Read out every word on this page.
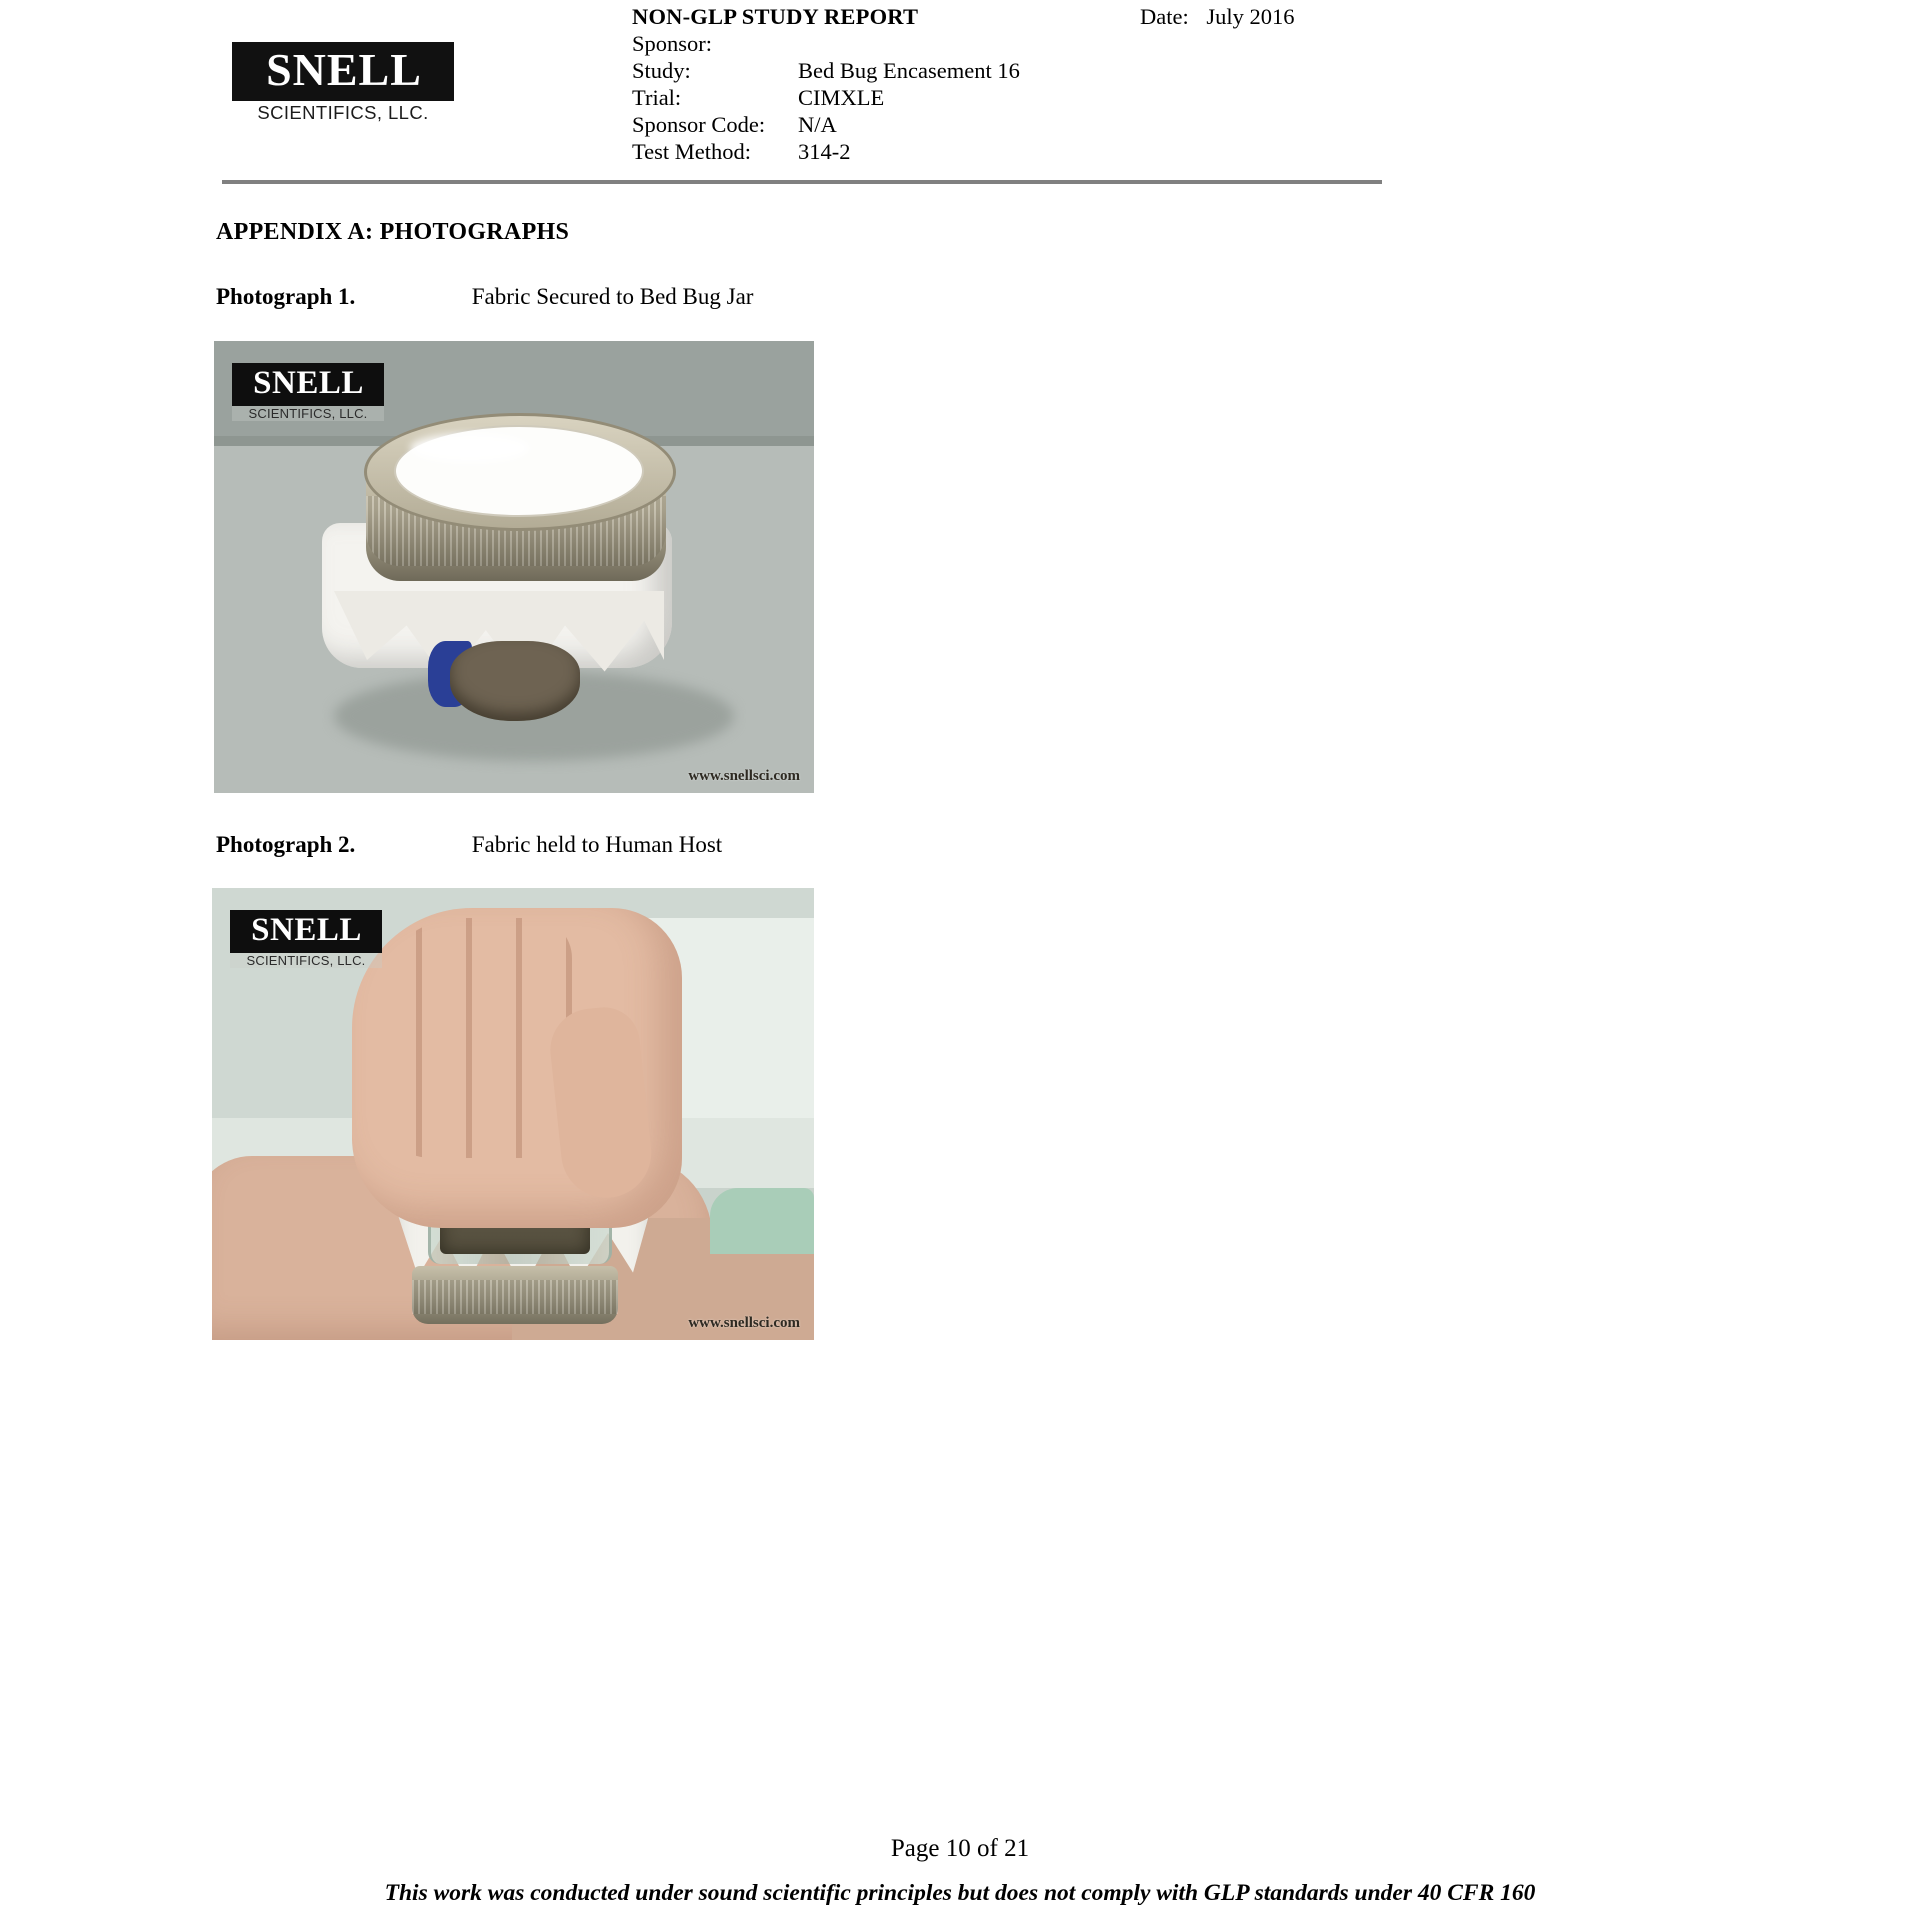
SNELL
SCIENTIFICS, LLC.
NON-GLP STUDY REPORT	Date: July 2016
Sponsor:
Study:	Bed Bug Encasement 16
Trial:	CIMXLE
Sponsor Code:	N/A
Test Method:	314-2
APPENDIX A: PHOTOGRAPHS
Photograph 1.	Fabric Secured to Bed Bug Jar
SNELL
SCIENTIFICS, LLC.
www.snellsci.com
Photograph 2.	Fabric held to Human Host
SNELL
SCIENTIFICS, LLC.
www.snellsci.com
Page 10 of 21
This work was conducted under sound scientific principles but does not comply with GLP standards under 40 CFR 160
